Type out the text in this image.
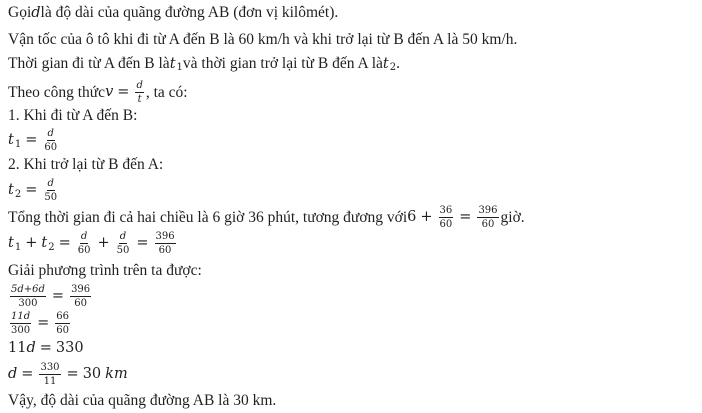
Gọi d là độ dài của quãng đường AB (đơn vị kilômét).
Vận tốc của ô tô khi đi từ A đến B là 60 km/h và khi trở lại từ B đến A là 50 km/h.
Thời gian đi từ A đến B là t 1 và thời gian trở lại từ B đến A là t 2 .
Theo công thức $v = \frac{d}{t}$ , ta có:
1. Khi đi từ A đến B:
t $1 = \frac{d}{60}$
2. Khi trở lại từ B đến A:
t $2 = \frac{d}{50}$
Tổng thời gian đi cả hai chiều là 6 giờ 36 phút, tương đương với $6 + \frac{36}{60} = \frac{396}{60}$ giờ.
t 1 + t $2 = \frac{d}{60} + \frac{d}{50} = \frac{396}{60}$
Giải phương trình trên ta được:
$\frac{5d+6d}{300} = \frac{396}{60}$
$\frac{11d}{300} = \frac{66}{60}$
11 d = 330
$d = \frac{330}{11} = 30$ km
Vậy, độ dài của quãng đường AB là 30 km.
